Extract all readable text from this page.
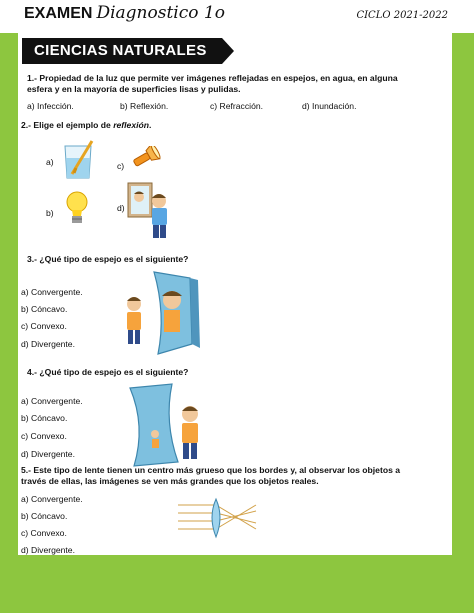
EXAMEN Diagnostico 1o	CICLO 2021-2022
CIENCIAS NATURALES
1.- Propiedad de la luz que permite ver imágenes reflejadas en espejos, en agua, en alguna
esfera y en la mayoría de superficies lisas y pulidas.
a) Infección.	b) Reflexión.	c) Refracción.	d) Inundación.
2.- Elige el ejemplo de reflexión.
a)
b)
c)
d)
3.- ¿Qué tipo de espejo es el siguiente?
a) Convergente.
b) Cóncavo.
c) Convexo.
d) Divergente.
4.- ¿Qué tipo de espejo es el siguiente?
a) Convergente.
b) Cóncavo.
c) Convexo.
d) Divergente.
5.- Este tipo de lente tienen un centro más grueso que los bordes y, al observar los objetos a
través de ellas, las imágenes se ven más grandes que los objetos reales.
a) Convergente.
b) Cóncavo.
c) Convexo.
d) Divergente.
